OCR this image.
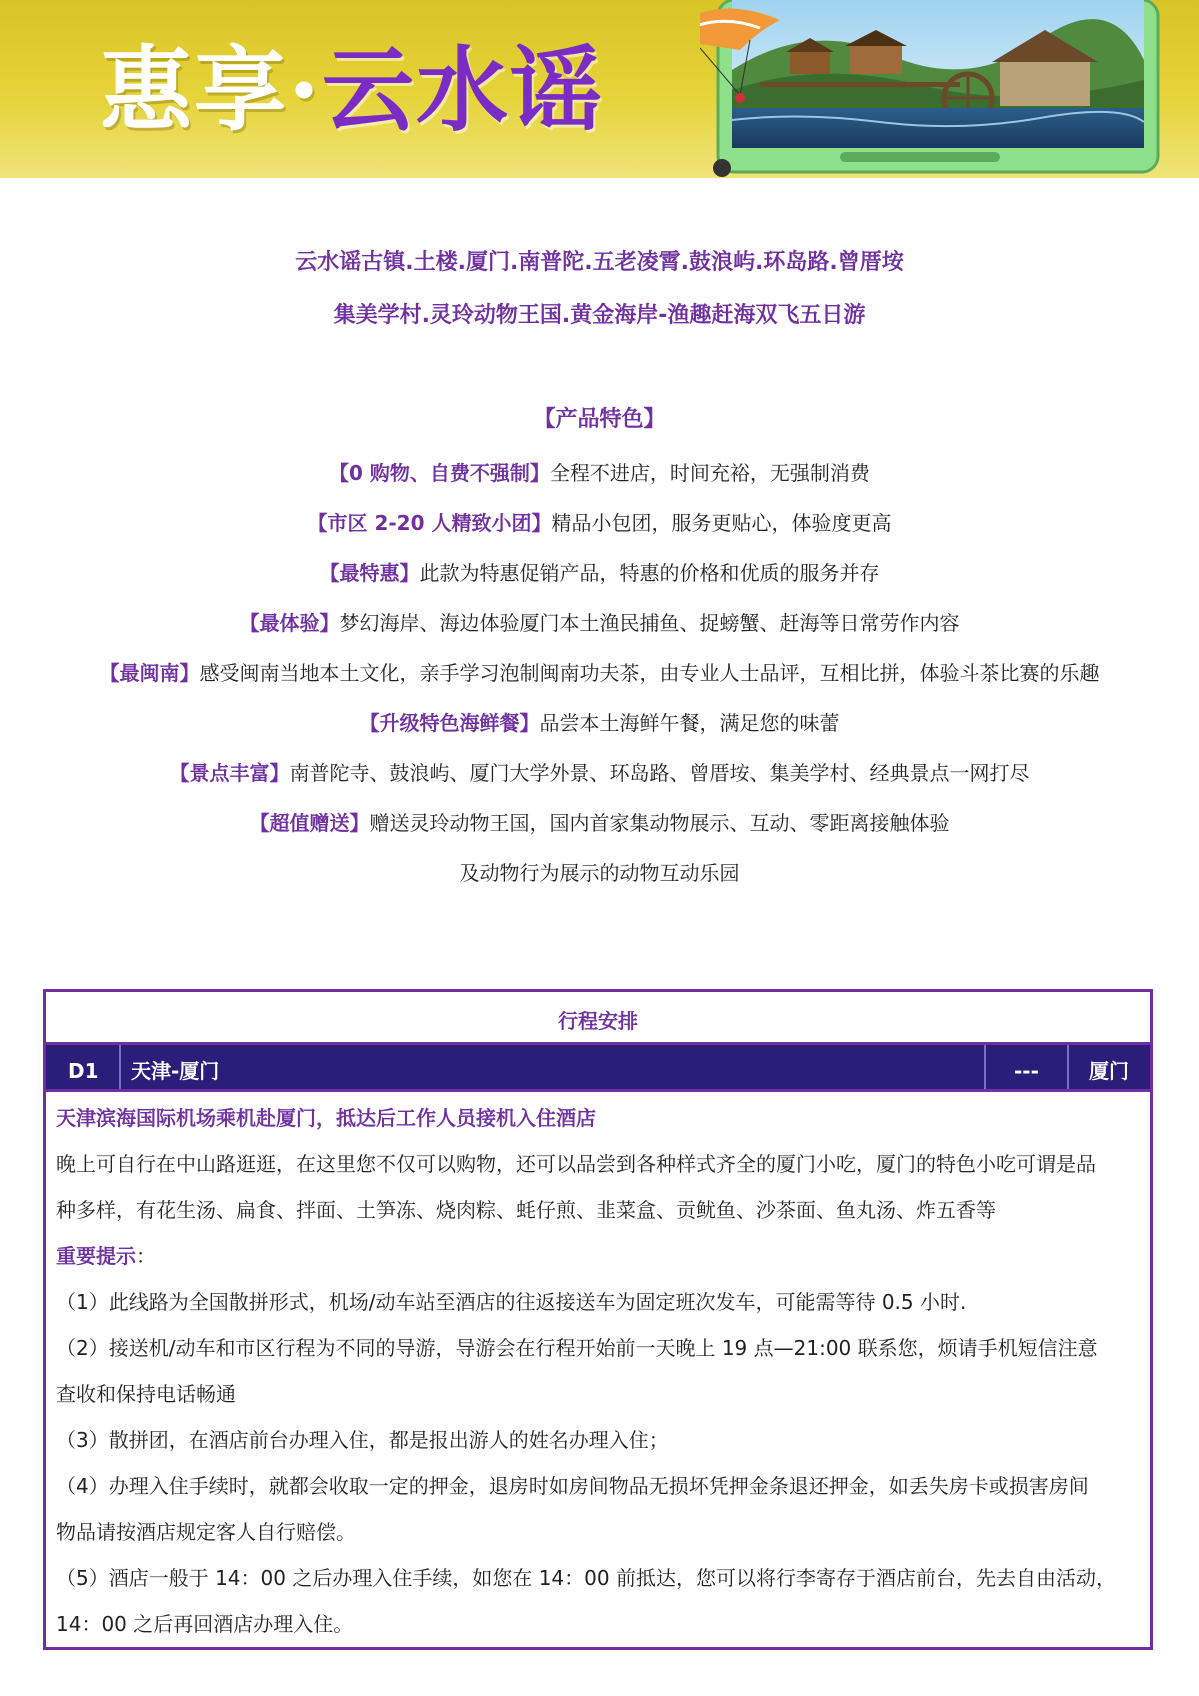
惠享·云水谣
云水谣古镇.土楼.厦门.南普陀.五老凌霄.鼓浪屿.环岛路.曾厝垵
集美学村.灵玲动物王国.黄金海岸-渔趣赶海双飞五日游
【产品特色】
【0 购物、自费不强制】全程不进店，时间充裕，无强制消费
【市区 2-20 人精致小团】精品小包团，服务更贴心，体验度更高
【最特惠】此款为特惠促销产品，特惠的价格和优质的服务并存
【最体验】梦幻海岸、海边体验厦门本土渔民捕鱼、捉螃蟹、赶海等日常劳作内容
【最闽南】感受闽南当地本土文化，亲手学习泡制闽南功夫茶，由专业人士品评，互相比拼，体验斗茶比赛的乐趣
【升级特色海鲜餐】品尝本土海鲜午餐，满足您的味蕾
【景点丰富】南普陀寺、鼓浪屿、厦门大学外景、环岛路、曾厝垵、集美学村、经典景点一网打尽
【超值赠送】赠送灵玲动物王国，国内首家集动物展示、互动、零距离接触体验
及动物行为展示的动物互动乐园
行程安排
D1 天津-厦门	---	厦门
天津滨海国际机场乘机赴厦门，抵达后工作人员接机入住酒店
晚上可自行在中山路逛逛，在这里您不仅可以购物，还可以品尝到各种样式齐全的厦门小吃，厦门的特色小吃可谓是品
种多样，有花生汤、扁食、拌面、土笋冻、烧肉粽、蚝仔煎、韭菜盒、贡鱿鱼、沙茶面、鱼丸汤、炸五香等
重要提示：
（1）此线路为全国散拼形式，机场/动车站至酒店的往返接送车为固定班次发车，可能需等待 0.5 小时.
（2）接送机/动车和市区行程为不同的导游，导游会在行程开始前一天晚上 19 点—21:00 联系您，烦请手机短信注意
查收和保持电话畅通
（3）散拼团，在酒店前台办理入住，都是报出游人的姓名办理入住；
（4）办理入住手续时，就都会收取一定的押金，退房时如房间物品无损坏凭押金条退还押金，如丢失房卡或损害房间
物品请按酒店规定客人自行赔偿。
（5）酒店一般于 14：00 之后办理入住手续，如您在 14：00 前抵达，您可以将行李寄存于酒店前台，先去自由活动，
14：00 之后再回酒店办理入住。
